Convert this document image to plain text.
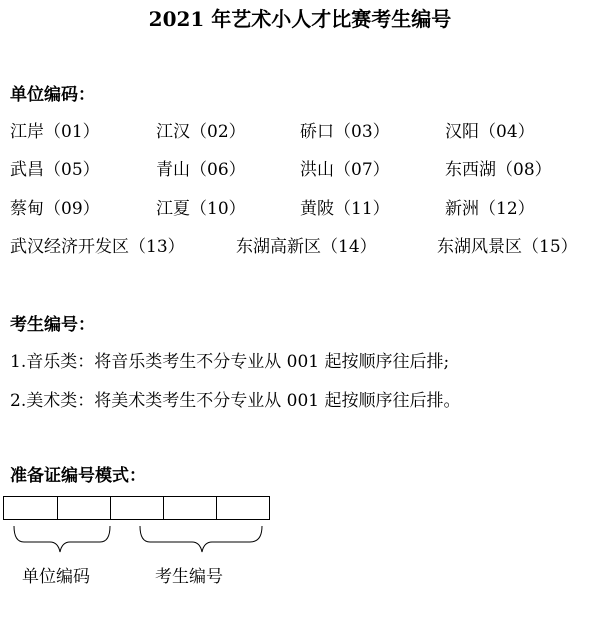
2021 年艺术小人才比赛考生编号
单位编码：
江岸（01）	江汉（02）	硚口（03）	汉阳（04）
武昌（05）	青山（06）	洪山（07）	东西湖（08）
蔡甸（09）	江夏（10）	黄陂（11）	新洲（12）
武汉经济开发区（13）	东湖高新区（14）	东湖风景区（15）
考生编号：
1.音乐类：将音乐类考生不分专业从 001 起按顺序往后排;
2.美术类：将美术类考生不分专业从 001 起按顺序往后排。
准备证编号模式：
单位编码	考生编号
